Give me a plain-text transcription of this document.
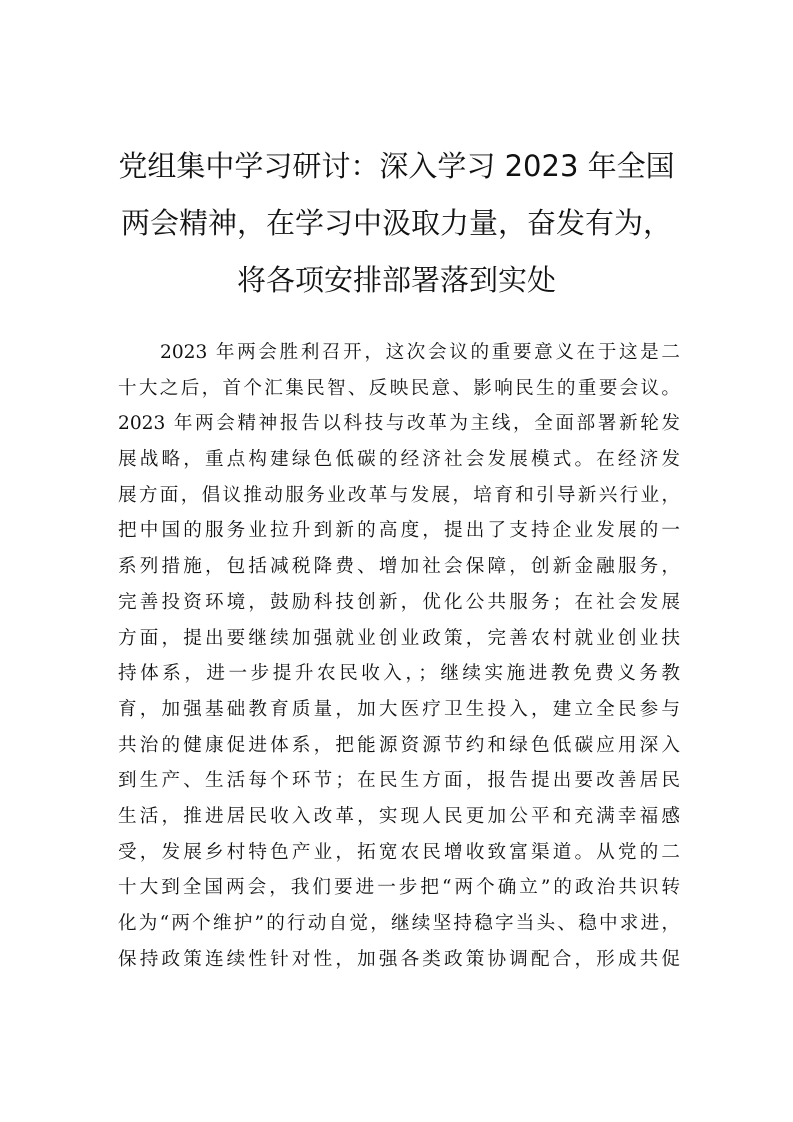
党组集中学习研讨：深入学习 2023 年全国
两会精神，在学习中汲取力量，奋发有为，
将各项安排部署落到实处
2023 年两会胜利召开，这次会议的重要意义在于这是二
十大之后，首个汇集民智、反映民意、影响民生的重要会议。
2023 年两会精神报告以科技与改革为主线，全面部署新轮发
展战略，重点构建绿色低碳的经济社会发展模式。在经济发
展方面，倡议推动服务业改革与发展，培育和引导新兴行业，
把中国的服务业拉升到新的高度，提出了支持企业发展的一
系列措施，包括减税降费、增加社会保障，创新金融服务，
完善投资环境，鼓励科技创新，优化公共服务；在社会发展
方面，提出要继续加强就业创业政策，完善农村就业创业扶
持体系，进一步提升农民收入，；继续实施进教免费义务教
育，加强基础教育质量，加大医疗卫生投入，建立全民参与
共治的健康促进体系，把能源资源节约和绿色低碳应用深入
到生产、生活每个环节；在民生方面，报告提出要改善居民
生活，推进居民收入改革，实现人民更加公平和充满幸福感
受，发展乡村特色产业，拓宽农民增收致富渠道。从党的二
十大到全国两会，我们要进一步把“两个确立”的政治共识转
化为“两个维护”的行动自觉，继续坚持稳字当头、稳中求进，
保持政策连续性针对性，加强各类政策协调配合，形成共促
